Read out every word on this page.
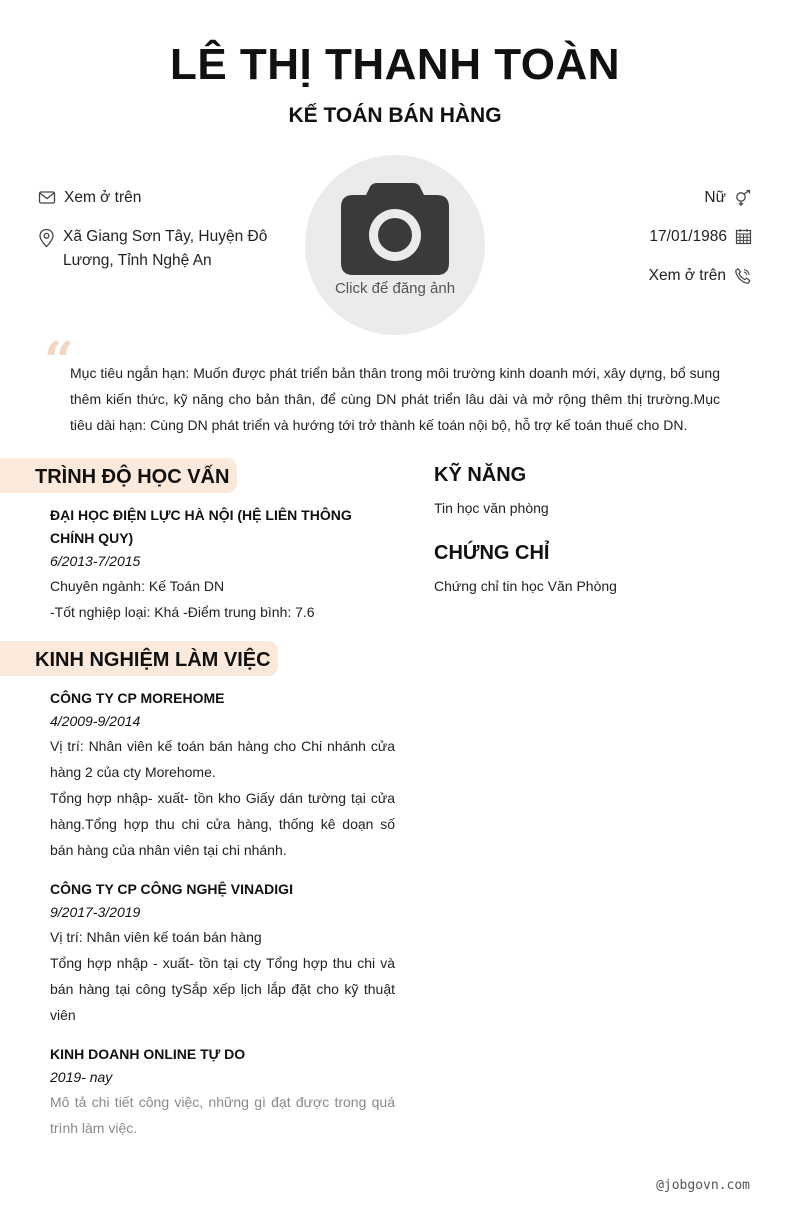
LÊ THỊ THANH TOÀN
KẾ TOÁN BÁN HÀNG
Xem ở trên
Xã Giang Sơn Tây, Huyện Đô Lương, Tỉnh Nghệ An
Click để đăng ảnh
Nữ
17/01/1986
Xem ở trên
“
Mục tiêu ngắn hạn: Muốn được phát triển bản thân trong môi trường kinh doanh mới, xây dựng, bổ sung thêm kiến thức, kỹ năng cho bản thân, để cùng DN phát triển lâu dài và mở rộng thêm thị trường.Mục tiêu dài hạn: Cùng DN phát triển và hướng tới trở thành kế toán nội bộ, hỗ trợ kế toán thuế cho DN.
TRÌNH ĐỘ HỌC VẤN
ĐẠI HỌC ĐIỆN LỰC HÀ NỘI (HỆ LIÊN THÔNG CHÍNH QUY)
6/2013-7/2015
Chuyên ngành: Kế Toán DN
-Tốt nghiệp loại: Khá -Điểm trung bình: 7.6
KỸ NĂNG
Tin học văn phòng
CHỨNG CHỈ
Chứng chỉ tin học Văn Phòng
KINH NGHIỆM LÀM VIỆC
CÔNG TY CP MOREHOME
4/2009-9/2014
Vị trí: Nhân viên kế toán bán hàng cho Chi nhánh cửa hàng 2 của cty Morehome.
Tổng hợp nhập- xuất- tồn kho Giấy dán tường tại cửa hàng.Tổng hợp thu chi cửa hàng, thống kê doạn số bán hàng của nhân viên tại chi nhánh.
CÔNG TY CP CÔNG NGHỆ VINADIGI
9/2017-3/2019
Vị trí: Nhân viên kế toán bán hàng
Tổng hợp nhập - xuất- tồn tại cty Tổng hợp thu chi và bán hàng tại công tySắp xếp lịch lắp đặt cho kỹ thuật viên
KINH DOANH ONLINE TỰ DO
2019- nay
Mô tả chi tiết công việc, những gì đạt được trong quá trình làm việc.
@jobgovn.com
